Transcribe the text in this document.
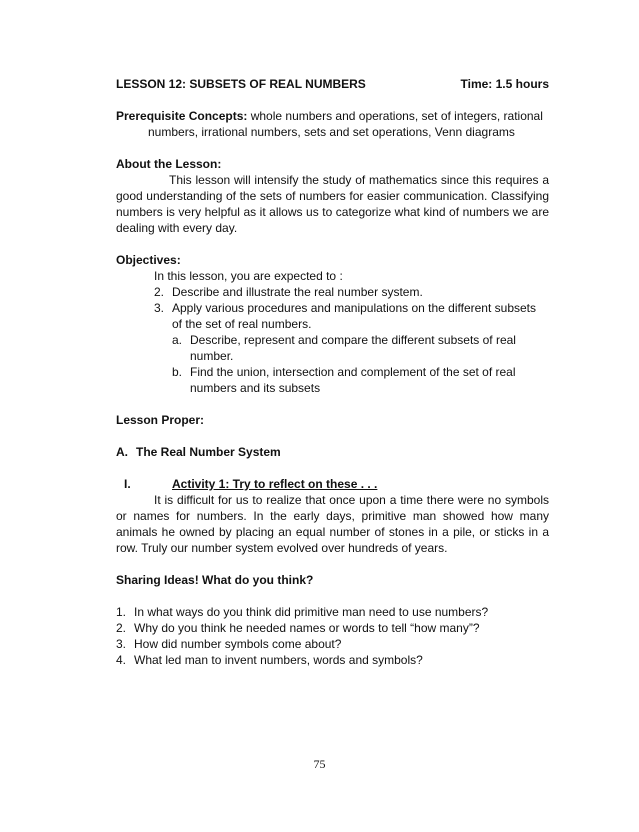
LESSON 12: SUBSETS OF REAL NUMBERS	Time: 1.5 hours
Prerequisite Concepts: whole numbers and operations, set of integers, rational numbers, irrational numbers, sets and set operations, Venn diagrams
About the Lesson:
This lesson will intensify the study of mathematics since this requires a good understanding of the sets of numbers for easier communication. Classifying numbers is very helpful as it allows us to categorize what kind of numbers we are dealing with every day.
Objectives:
In this lesson, you are expected to :
2. Describe and illustrate the real number system.
3. Apply various procedures and manipulations on the different subsets of the set of real numbers.
a. Describe, represent and compare the different subsets of real number.
b. Find the union, intersection and complement of the set of real numbers and its subsets
Lesson Proper:
A. The Real Number System
I.	Activity 1: Try to reflect on these . . .
It is difficult for us to realize that once upon a time there were no symbols or names for numbers. In the early days, primitive man showed how many animals he owned by placing an equal number of stones in a pile, or sticks in a row. Truly our number system evolved over hundreds of years.
Sharing Ideas! What do you think?
1. In what ways do you think did primitive man need to use numbers?
2. Why do you think he needed names or words to tell “how many”?
3. How did number symbols come about?
4. What led man to invent numbers, words and symbols?
75
